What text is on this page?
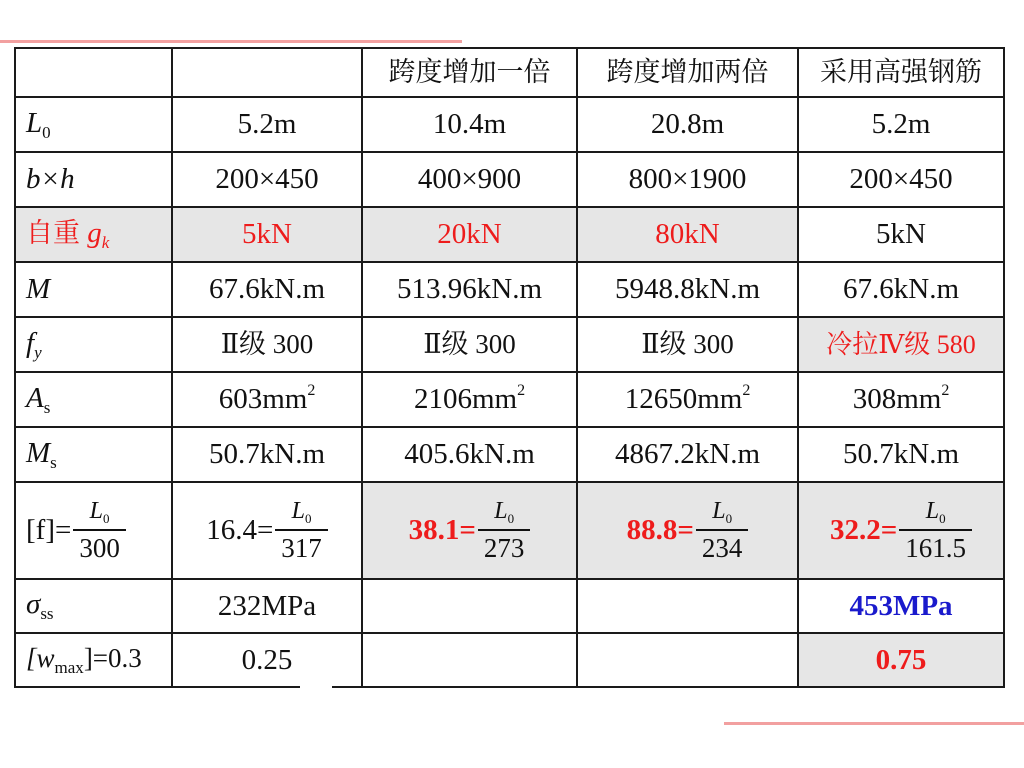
		跨度增加一倍	跨度增加两倍	采用高强钢筋
$L_0$	5.2m	10.4m	20.8m	5.2m
b×h	200×450	400×900	800×1900	200×450
自重 $g_k$	5kN	20kN	80kN	5kN
M	67.6kN.m	513.96kN.m	5948.8kN.m	67.6kN.m
$f_y$	Ⅱ级 300	Ⅱ级 300	Ⅱ级 300	冷拉Ⅳ级 580
$A_s$	$603mm^2$	$2106mm^2$	$12650mm^2$	$308mm^2$
$M_s$	50.7kN.m	405.6kN.m	4867.2kN.m	50.7kN.m
$[f]= \frac{L_0}{300}$	$16.4= \frac{L_0}{317}$	$38.1= \frac{L_0}{273}$	$88.8= \frac{L_0}{234}$	$32.2= \frac{L_0}{161.5}$

$\sigma_{ss}$	232MPa			453MPa
$[w_{max}]=0.3$	0.25			0.75
